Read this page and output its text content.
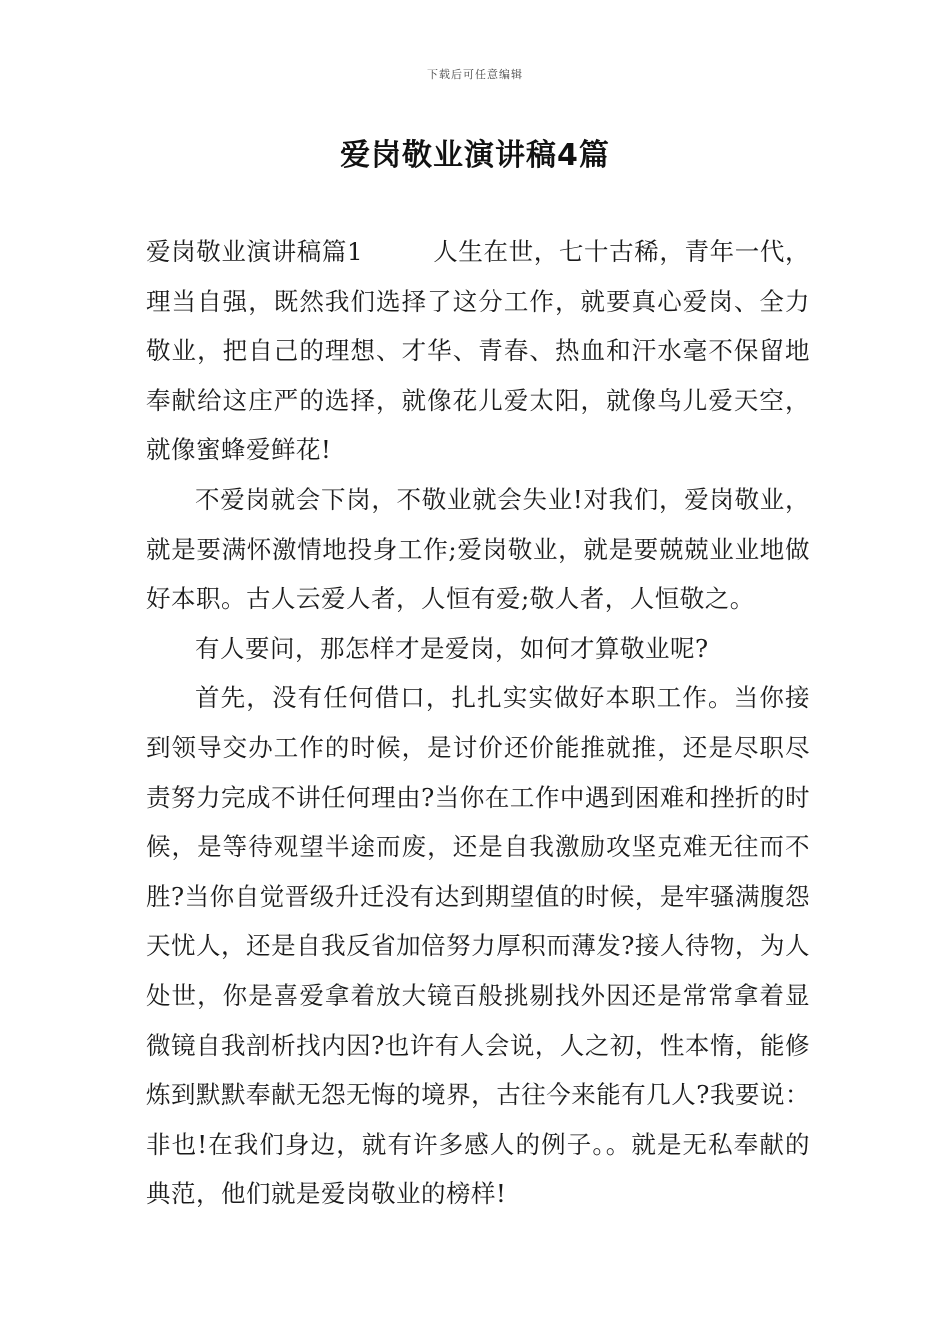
下载后可任意编辑
爱岗敬业演讲稿4篇

爱岗敬业演讲稿篇1	人生在世，七十古稀，青年一代，理当自强，既然我们选择了这分工作，就要真心爱岗、全力敬业，把自己的理想、才华、青春、热血和汗水毫不保留地奉献给这庄严的选择，就像花儿爱太阳，就像鸟儿爱天空，就像蜜蜂爱鲜花!

不爱岗就会下岗，不敬业就会失业!对我们，爱岗敬业，就是要满怀激情地投身工作;爱岗敬业，就是要兢兢业业地做好本职。古人云爱人者，人恒有爱;敬人者，人恒敬之。

有人要问，那怎样才是爱岗，如何才算敬业呢?

首先，没有任何借口，扎扎实实做好本职工作。当你接到领导交办工作的时候，是讨价还价能推就推，还是尽职尽责努力完成不讲任何理由?当你在工作中遇到困难和挫折的时候，是等待观望半途而废，还是自我激励攻坚克难无往而不胜?当你自觉晋级升迁没有达到期望值的时候，是牢骚满腹怨天忧人，还是自我反省加倍努力厚积而薄发?接人待物，为人处世，你是喜爱拿着放大镜百般挑剔找外因还是常常拿着显微镜自我剖析找内因?也许有人会说，人之初，性本惰，能修炼到默默奉献无怨无悔的境界，古往今来能有几人?我要说：非也!在我们身边，就有许多感人的例子。。就是无私奉献的典范，他们就是爱岗敬业的榜样!
